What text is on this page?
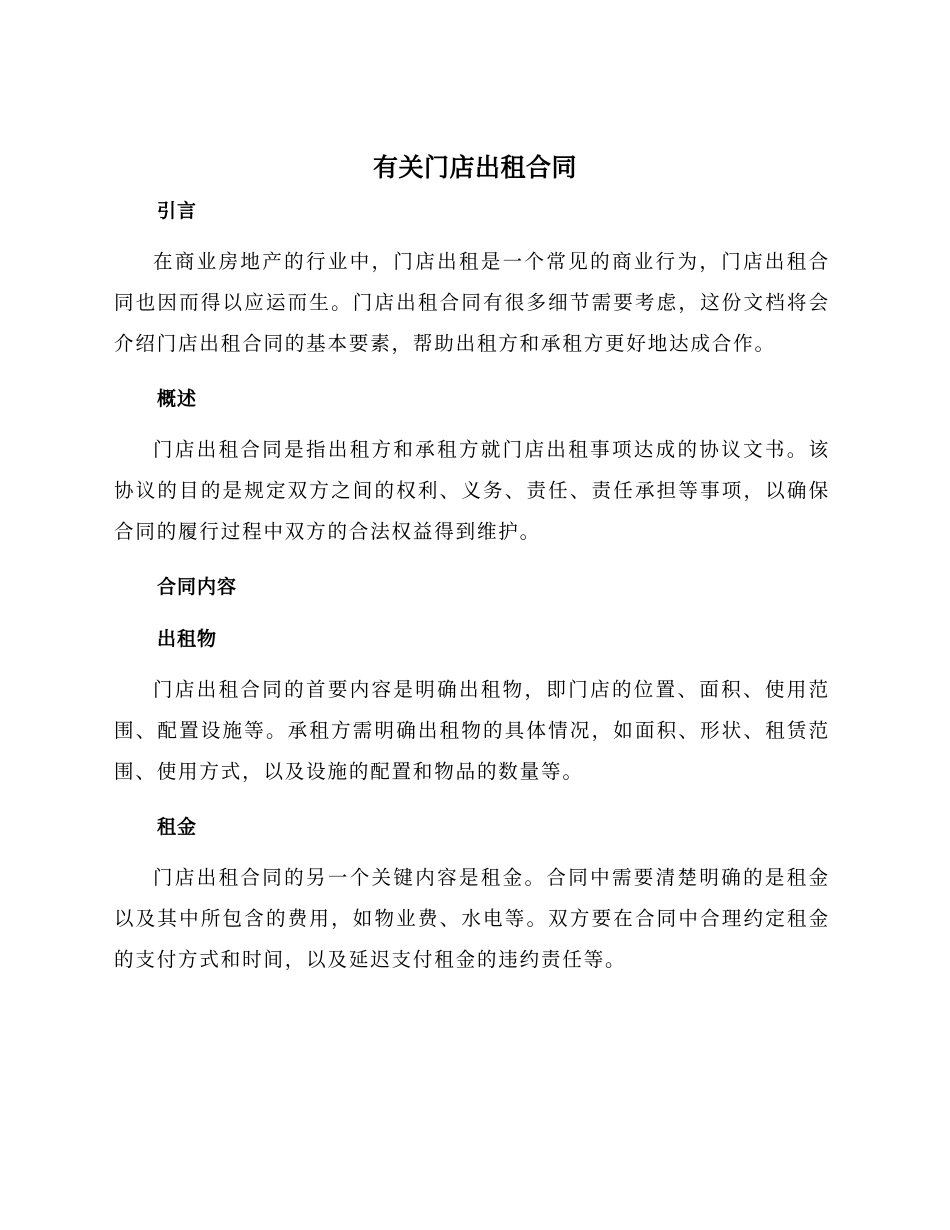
有关门店出租合同
引言

在商业房地产的行业中，门店出租是一个常见的商业行为，门店出租合同也因而得以应运而生。门店出租合同有很多细节需要考虑，这份文档将会介绍门店出租合同的基本要素，帮助出租方和承租方更好地达成合作。

概述

门店出租合同是指出租方和承租方就门店出租事项达成的协议文书。该协议的目的是规定双方之间的权利、义务、责任、责任承担等事项，以确保合同的履行过程中双方的合法权益得到维护。

合同内容
出租物

门店出租合同的首要内容是明确出租物，即门店的位置、面积、使用范围、配置设施等。承租方需明确出租物的具体情况，如面积、形状、租赁范围、使用方式，以及设施的配置和物品的数量等。

租金

门店出租合同的另一个关键内容是租金。合同中需要清楚明确的是租金以及其中所包含的费用，如物业费、水电等。双方要在合同中合理约定租金的支付方式和时间，以及延迟支付租金的违约责任等。
